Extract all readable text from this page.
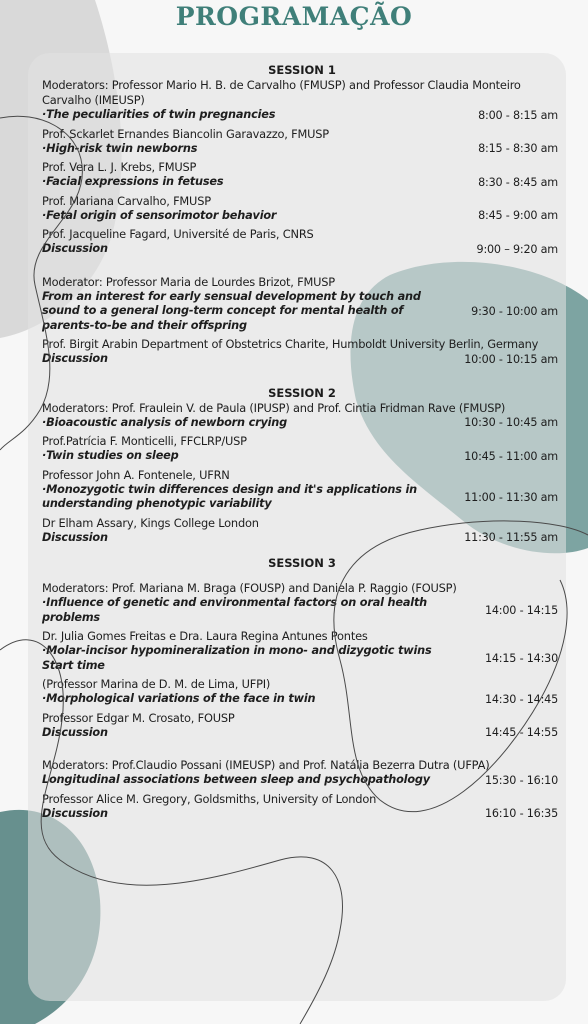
PROGRAMAÇÃO
SESSION 1
Moderators: Professor Mario H. B. de Carvalho (FMUSP) and Professor Claudia Monteiro Carvalho (IMEUSP)
·The peculiarities of twin pregnancies	8:00 - 8:15 am
Prof. Sckarlet Ernandes Biancolin Garavazzo, FMUSP
·High-risk twin newborns	8:15 - 8:30 am
Prof. Vera L. J. Krebs, FMUSP
·Facial expressions in fetuses	8:30 - 8:45 am
Prof. Mariana Carvalho, FMUSP
·Fetal origin of sensorimotor behavior	8:45 - 9:00 am
Prof. Jacqueline Fagard, Université de Paris, CNRS
Discussion	9:00 – 9:20 am
Moderator: Professor Maria de Lourdes Brizot, FMUSP
From an interest for early sensual development by touch and sound to a general long-term concept for mental health of parents-to-be and their offspring
9:30 - 10:00 am
Prof. Birgit Arabin Department of Obstetrics Charite, Humboldt University Berlin, Germany
Discussion	10:00 - 10:15 am
SESSION 2
Moderators: Prof. Fraulein V. de Paula (IPUSP) and Prof. Cintia Fridman Rave (FMUSP)
·Bioacoustic analysis of newborn crying	10:30 - 10:45 am
Prof.Patrícia F. Monticelli, FFCLRP/USP
·Twin studies on sleep	10:45 - 11:00 am
Professor John A. Fontenele, UFRN
·Monozygotic twin differences design and it's applications in understanding phenotypic variability	11:00 - 11:30 am
Dr Elham Assary, Kings College London
Discussion	11:30 - 11:55 am
SESSION 3
Moderators: Prof. Mariana M. Braga (FOUSP) and Daniela P. Raggio (FOUSP)
·Influence of genetic and environmental factors on oral health problems	14:00 - 14:15
Dr. Julia Gomes Freitas e Dra. Laura Regina Antunes Pontes
·Molar-incisor hypomineralization in mono- and dizygotic twins Start time	14:15 - 14:30
(Professor Marina de D. M. de Lima, UFPI)
·Morphological variations of the face in twin	14:30 - 14:45
Professor Edgar M. Crosato, FOUSP
Discussion	14:45 - 14:55
Moderators: Prof.Claudio Possani (IMEUSP) and Prof. Natália Bezerra Dutra (UFPA)
Longitudinal associations between sleep and psychopathology	15:30 - 16:10
Professor Alice M. Gregory, Goldsmiths, University of London
Discussion	16:10 - 16:35
